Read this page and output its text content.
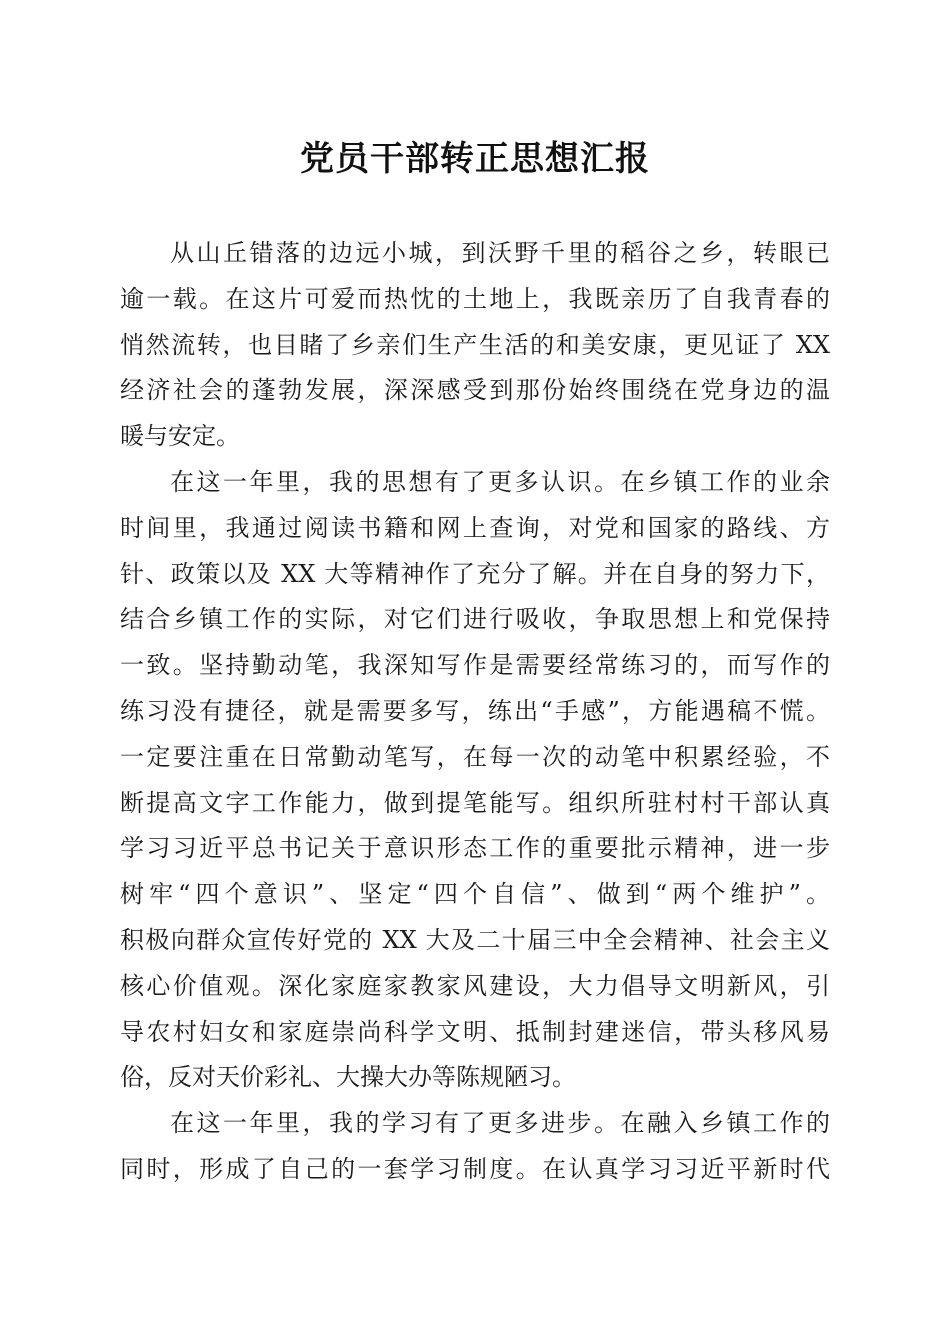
党员干部转正思想汇报

从山丘错落的边远小城，到沃野千里的稻谷之乡，转眼已
逾一载。在这片可爱而热忱的土地上，我既亲历了自我青春的
悄然流转，也目睹了乡亲们生产生活的和美安康，更见证了 XX
经济社会的蓬勃发展，深深感受到那份始终围绕在党身边的温
暖与安定。

在这一年里，我的思想有了更多认识。在乡镇工作的业余
时间里，我通过阅读书籍和网上查询，对党和国家的路线、方
针、政策以及 XX 大等精神作了充分了解。并在自身的努力下，
结合乡镇工作的实际，对它们进行吸收，争取思想上和党保持
一致。坚持勤动笔，我深知写作是需要经常练习的，而写作的
练习没有捷径，就是需要多写，练出“手感”，方能遇稿不慌。
一定要注重在日常勤动笔写，在每一次的动笔中积累经验，不
断提高文字工作能力，做到提笔能写。组织所驻村村干部认真
学习习近平总书记关于意识形态工作的重要批示精神，进一步
树牢“四个意识”、坚定“四个自信”、做到“两个维护”。
积极向群众宣传好党的 XX 大及二十届三中全会精神、社会主义
核心价值观。深化家庭家教家风建设，大力倡导文明新风，引
导农村妇女和家庭崇尚科学文明、抵制封建迷信，带头移风易
俗，反对天价彩礼、大操大办等陈规陋习。

在这一年里，我的学习有了更多进步。在融入乡镇工作的
同时，形成了自己的一套学习制度。在认真学习习近平新时代
